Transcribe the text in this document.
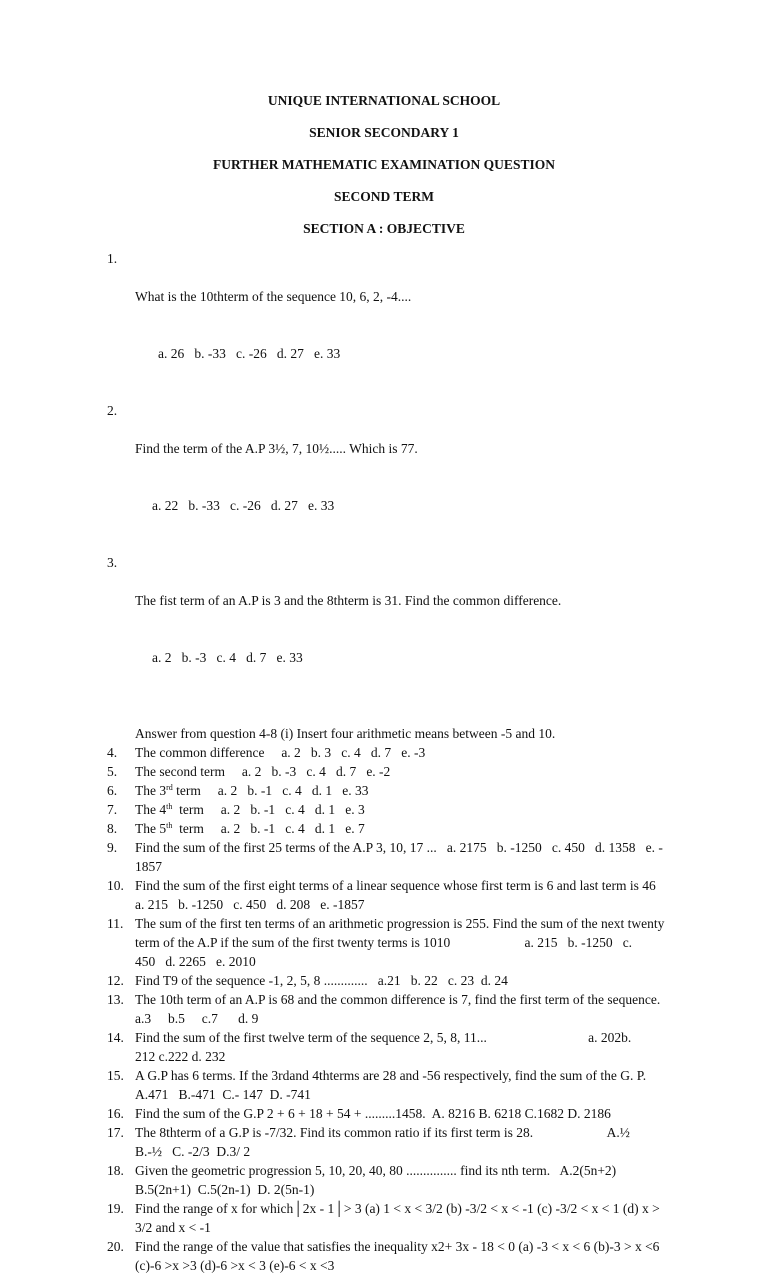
UNIQUE INTERNATIONAL SCHOOL
SENIOR SECONDARY 1
FURTHER MATHEMATIC EXAMINATION QUESTION
SECOND TERM
SECTION A : OBJECTIVE
1.

What is the 10thterm of the sequence 10, 6, 2, -4....

a. 26   b. -33   c. -26   d. 27   e. 33

2.

Find the term of the A.P 3½, 7, 10½..... Which is 77.

a. 22   b. -33   c. -26   d. 27   e. 33

3.

The fist term of an A.P is 3 and the 8thterm is 31. Find the common difference.

a. 2   b. -3   c. 4   d. 7   e. 33

Answer from question 4-8 (i) Insert four arithmetic means between -5 and 10.
4.	The common difference     a. 2   b. 3   c. 4   d. 7   e. -3
5.	The second term     a. 2   b. -3   c. 4   d. 7   e. -2
6.	The 3rd term     a. 2   b. -1   c. 4   d. 1   e. 33
7.	The 4th  term     a. 2   b. -1   c. 4   d. 1   e. 3
8.	The 5th  term     a. 2   b. -1   c. 4   d. 1   e. 7
9.	Find the sum of the first 25 terms of the A.P 3, 10, 17 ...   a. 2175   b. -1250   c. 450   d. 1358   e. -
1857
10. Find the sum of the first eight terms of a linear sequence whose first term is 6 and last term is 46
a. 215   b. -1250   c. 450   d. 208   e. -1857
11. The sum of the first ten terms of an arithmetic progression is 255. Find the sum of the next twenty
term of the A.P if the sum of the first twenty terms is 1010                      a. 215   b. -1250   c.
450   d. 2265   e. 2010
12. Find T9 of the sequence -1, 2, 5, 8 .............   a.21   b. 22   c. 23  d. 24
13. The 10th term of an A.P is 68 and the common difference is 7, find the first term of the sequence.
a.3     b.5     c.7      d. 9
14. Find the sum of the first twelve term of the sequence 2, 5, 8, 11...                              a. 202b.
212 c.222 d. 232
15. A G.P has 6 terms. If the 3rdand 4thterms are 28 and -56 respectively, find the sum of the G. P.
A.471   B.-471  C.- 147  D. -741
16. Find the sum of the G.P 2 + 6 + 18 + 54 + .........1458.  A. 8216 B. 6218 C.1682 D. 2186
17. The 8thterm of a G.P is -7/32. Find its common ratio if its first term is 28.                      A.½
B.-½   C. -2/3  D.3/ 2
18. Given the geometric progression 5, 10, 20, 40, 80 ............... find its nth term.   A.2(5n+2)
B.5(2n+1)  C.5(2n-1)  D. 2(5n-1)
19. Find the range of x for which│2x - 1│> 3 (a) 1 < x < 3/2 (b) -3/2 < x < -1 (c) -3/2 < x < 1 (d) x >
3/2 and x < -1
20. Find the range of the value that satisfies the inequality x2+ 3x - 18 < 0 (a) -3 < x < 6 (b)-3 > x <6
(c)-6 >x >3 (d)-6 >x < 3 (e)-6 < x <3
